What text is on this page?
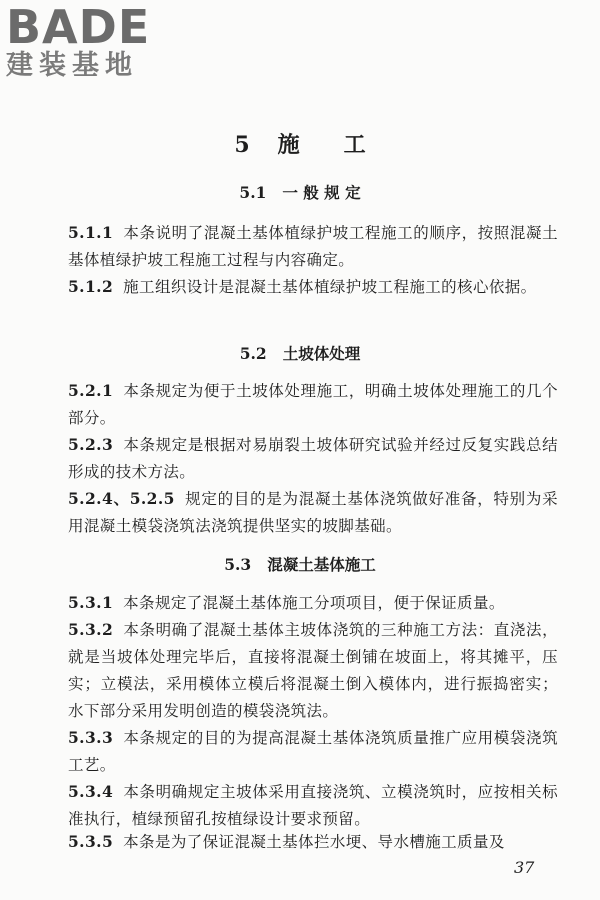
BADE
建装基地
5 施 工
5.1 一 般 规 定
5.1.1 本条说明了混凝土基体植绿护坡工程施工的顺序，按照混凝土基体植绿护坡工程施工过程与内容确定。
5.1.2 施工组织设计是混凝土基体植绿护坡工程施工的核心依据。
5.2 土坡体处理
5.2.1 本条规定为便于土坡体处理施工，明确土坡体处理施工的几个部分。
5.2.3 本条规定是根据对易崩裂土坡体研究试验并经过反复实践总结形成的技术方法。
5.2.4、5.2.5 规定的目的是为混凝土基体浇筑做好准备，特别为采用混凝土模袋浇筑法浇筑提供坚实的坡脚基础。
5.3 混凝土基体施工
5.3.1 本条规定了混凝土基体施工分项项目，便于保证质量。
5.3.2 本条明确了混凝土基体主坡体浇筑的三种施工方法：直浇法，就是当坡体处理完毕后，直接将混凝土倒铺在坡面上，将其摊平，压实；立模法，采用模体立模后将混凝土倒入模体内，进行振捣密实；水下部分采用发明创造的模袋浇筑法。
5.3.3 本条规定的目的为提高混凝土基体浇筑质量推广应用模袋浇筑工艺。
5.3.4 本条明确规定主坡体采用直接浇筑、立模浇筑时，应按相关标准执行，植绿预留孔按植绿设计要求预留。
5.3.5 本条是为了保证混凝土基体拦水埂、导水槽施工质量及
37
